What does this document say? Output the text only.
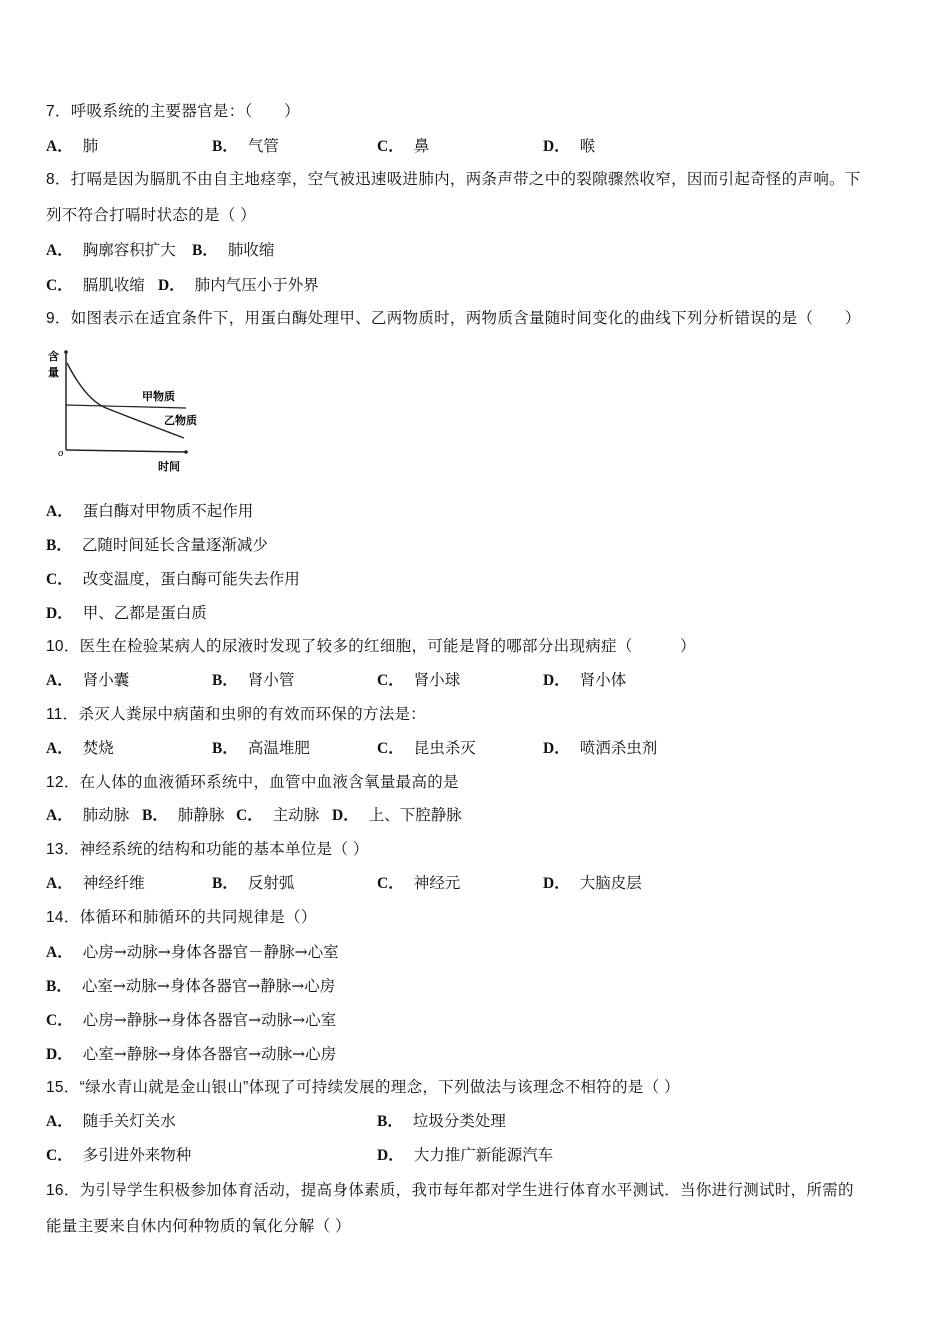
7．呼吸系统的主要器官是：（　　）
A． 肺	B． 气管	C． 鼻	D． 喉
8．打嗝是因为膈肌不由自主地痉挛，空气被迅速吸进肺内，两条声带之中的裂隙骤然收窄，因而引起奇怪的声响。下
列不符合打嗝时状态的是（ ）
A． 胸廓容积扩大 B． 肺收缩
C． 膈肌收缩 D． 肺内气压小于外界
9．如图表示在适宜条件下，用蛋白酶处理甲、乙两物质时，两物质含量随时间变化的曲线下列分析错误的是（　　）
含
量
o
甲物质
乙物质
时间
A． 蛋白酶对甲物质不起作用
B． 乙随时间延长含量逐渐减少
C． 改变温度，蛋白酶可能失去作用
D． 甲、乙都是蛋白质
10．医生在检验某病人的尿液时发现了较多的红细胞，可能是肾的哪部分出现病症（　　　）
A． 肾小囊	B． 肾小管	C． 肾小球	D． 肾小体
11．杀灭人粪尿中病菌和虫卵的有效而环保的方法是：
A． 焚烧	B． 高温堆肥	C． 昆虫杀灭	D． 喷洒杀虫剂
12．在人体的血液循环系统中，血管中血液含氧量最高的是
A． 肺动脉 B． 肺静脉 C． 主动脉 D． 上、下腔静脉
13．神经系统的结构和功能的基本单位是（ ）
A． 神经纤维	B． 反射弧	C． 神经元	D． 大脑皮层
14．体循环和肺循环的共同规律是（）
A． 心房→动脉→身体各器官－静脉→心室
B． 心室→动脉→身体各器官→静脉→心房
C． 心房→静脉→身体各器官→动脉→心室
D． 心室→静脉→身体各器官→动脉→心房
15．“绿水青山就是金山银山”体现了可持续发展的理念，下列做法与该理念不相符的是（ ）
A． 随手关灯关水	B． 垃圾分类处理
C． 多引进外来物种	D． 大力推广新能源汽车
16．为引导学生积极参加体育活动，提高身体素质，我市每年都对学生进行体育水平测试．当你进行测试时，所需的
能量主要来自休内何种物质的氧化分解（ ）
